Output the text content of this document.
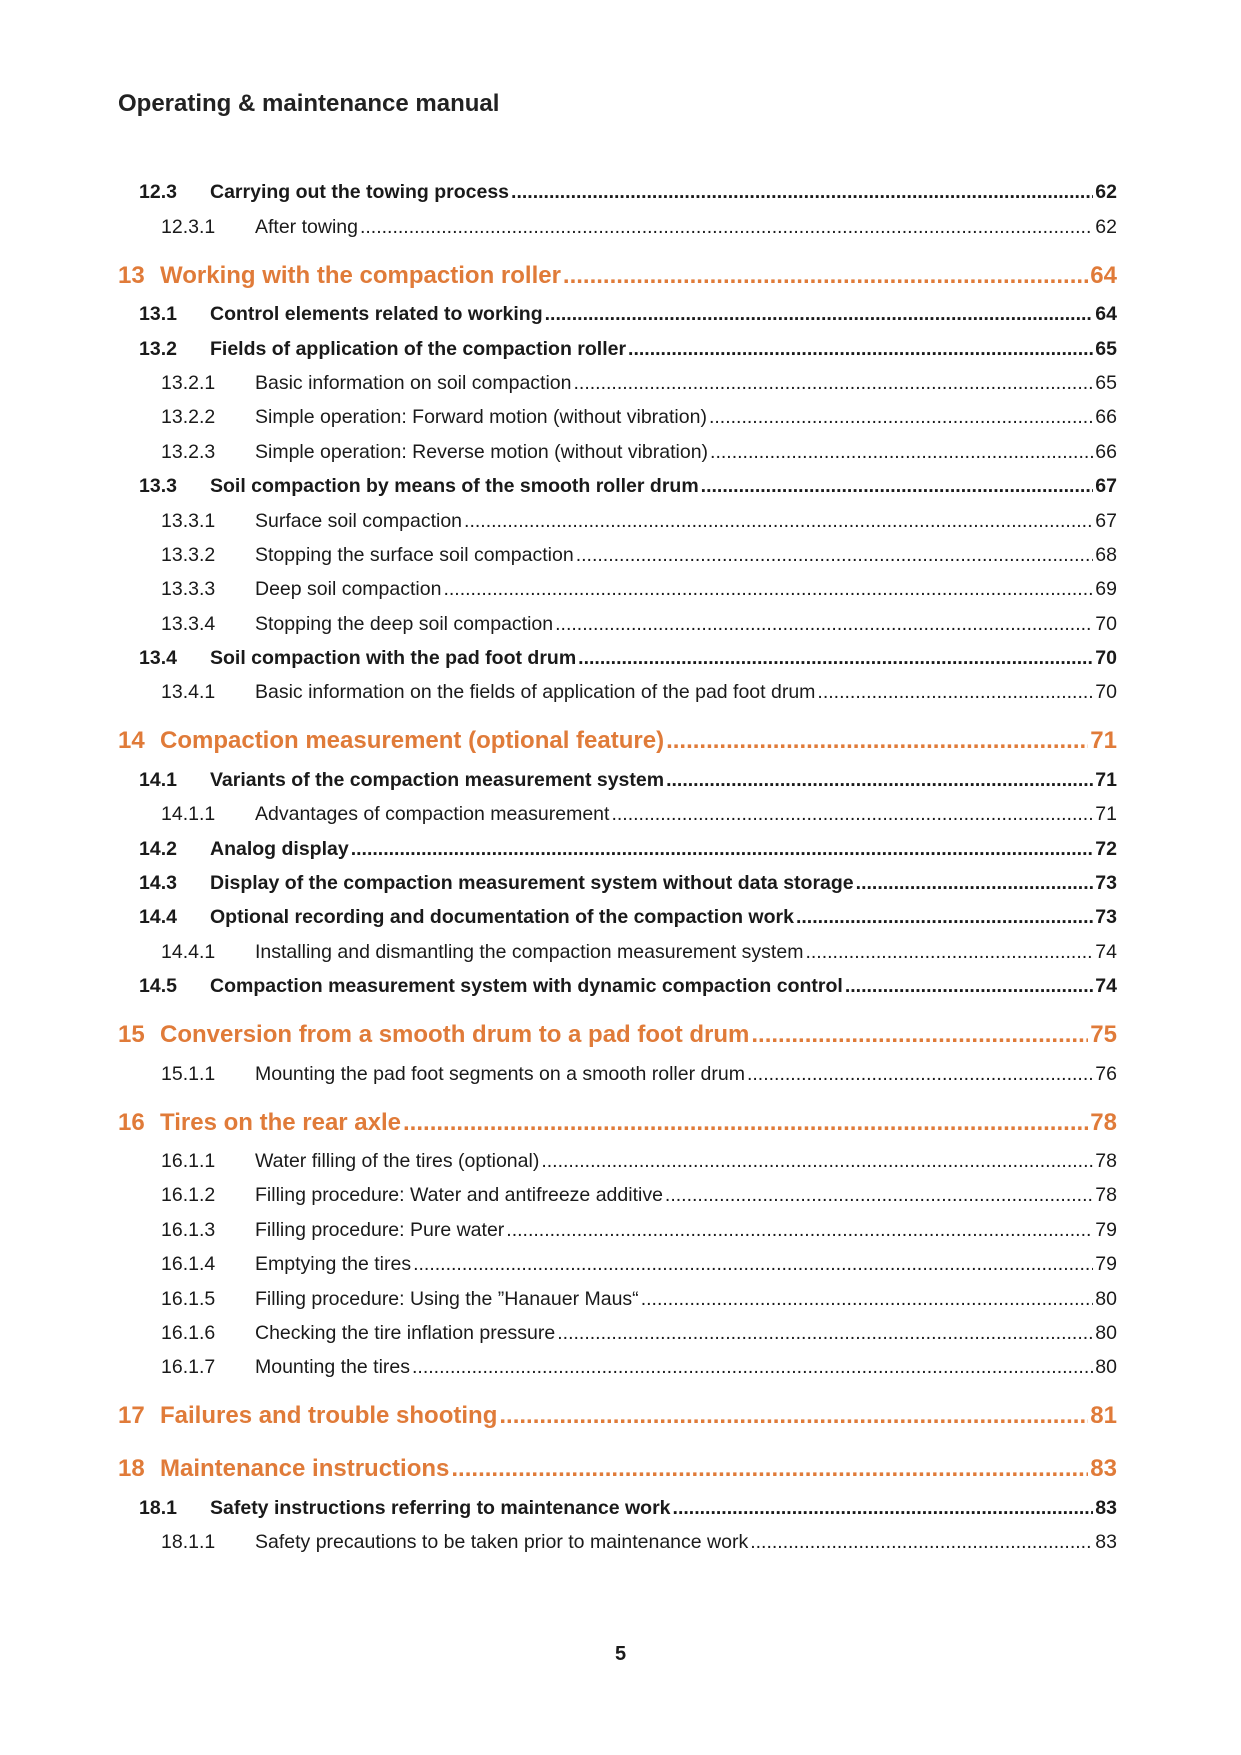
Operating & maintenance manual
12.3 Carrying out the towing process .....	62
12.3.1 After towing .....	62
13 Working with the compaction roller .....	64
13.1 Control elements related to working .....	64
13.2 Fields of application of the compaction roller .....	65
13.2.1 Basic information on soil compaction .....	65
13.2.2 Simple operation: Forward motion (without vibration) .....	66
13.2.3 Simple operation: Reverse motion (without vibration) .....	66
13.3 Soil compaction by means of the smooth roller drum .....	67
13.3.1 Surface soil compaction .....	67
13.3.2 Stopping the surface soil compaction .....	68
13.3.3 Deep soil compaction .....	69
13.3.4 Stopping the deep soil compaction .....	70
13.4 Soil compaction with the pad foot drum .....	70
13.4.1 Basic information on the fields of application of the pad foot drum .....	70
14 Compaction measurement (optional feature) .....	71
14.1 Variants of the compaction measurement system .....	71
14.1.1 Advantages of compaction measurement .....	71
14.2 Analog display .....	72
14.3 Display of the compaction measurement system without data storage .....	73
14.4 Optional recording and documentation of the compaction work .....	73
14.4.1 Installing and dismantling the compaction measurement system .....	74
14.5 Compaction measurement system with dynamic compaction control .....	74
15 Conversion from a smooth drum to a pad foot drum .....	75
15.1.1 Mounting the pad foot segments on a smooth roller drum .....	76
16 Tires on the rear axle .....	78
16.1.1 Water filling of the tires (optional) .....	78
16.1.2 Filling procedure: Water and antifreeze additive .....	78
16.1.3 Filling procedure: Pure water .....	79
16.1.4 Emptying the tires .....	79
16.1.5 Filling procedure: Using the ”Hanauer Maus“ .....	80
16.1.6 Checking the tire inflation pressure .....	80
16.1.7 Mounting the tires .....	80
17 Failures and trouble shooting .....	81
18 Maintenance instructions .....	83
18.1 Safety instructions referring to maintenance work .....	83
18.1.1 Safety precautions to be taken prior to maintenance work .....	83
5
